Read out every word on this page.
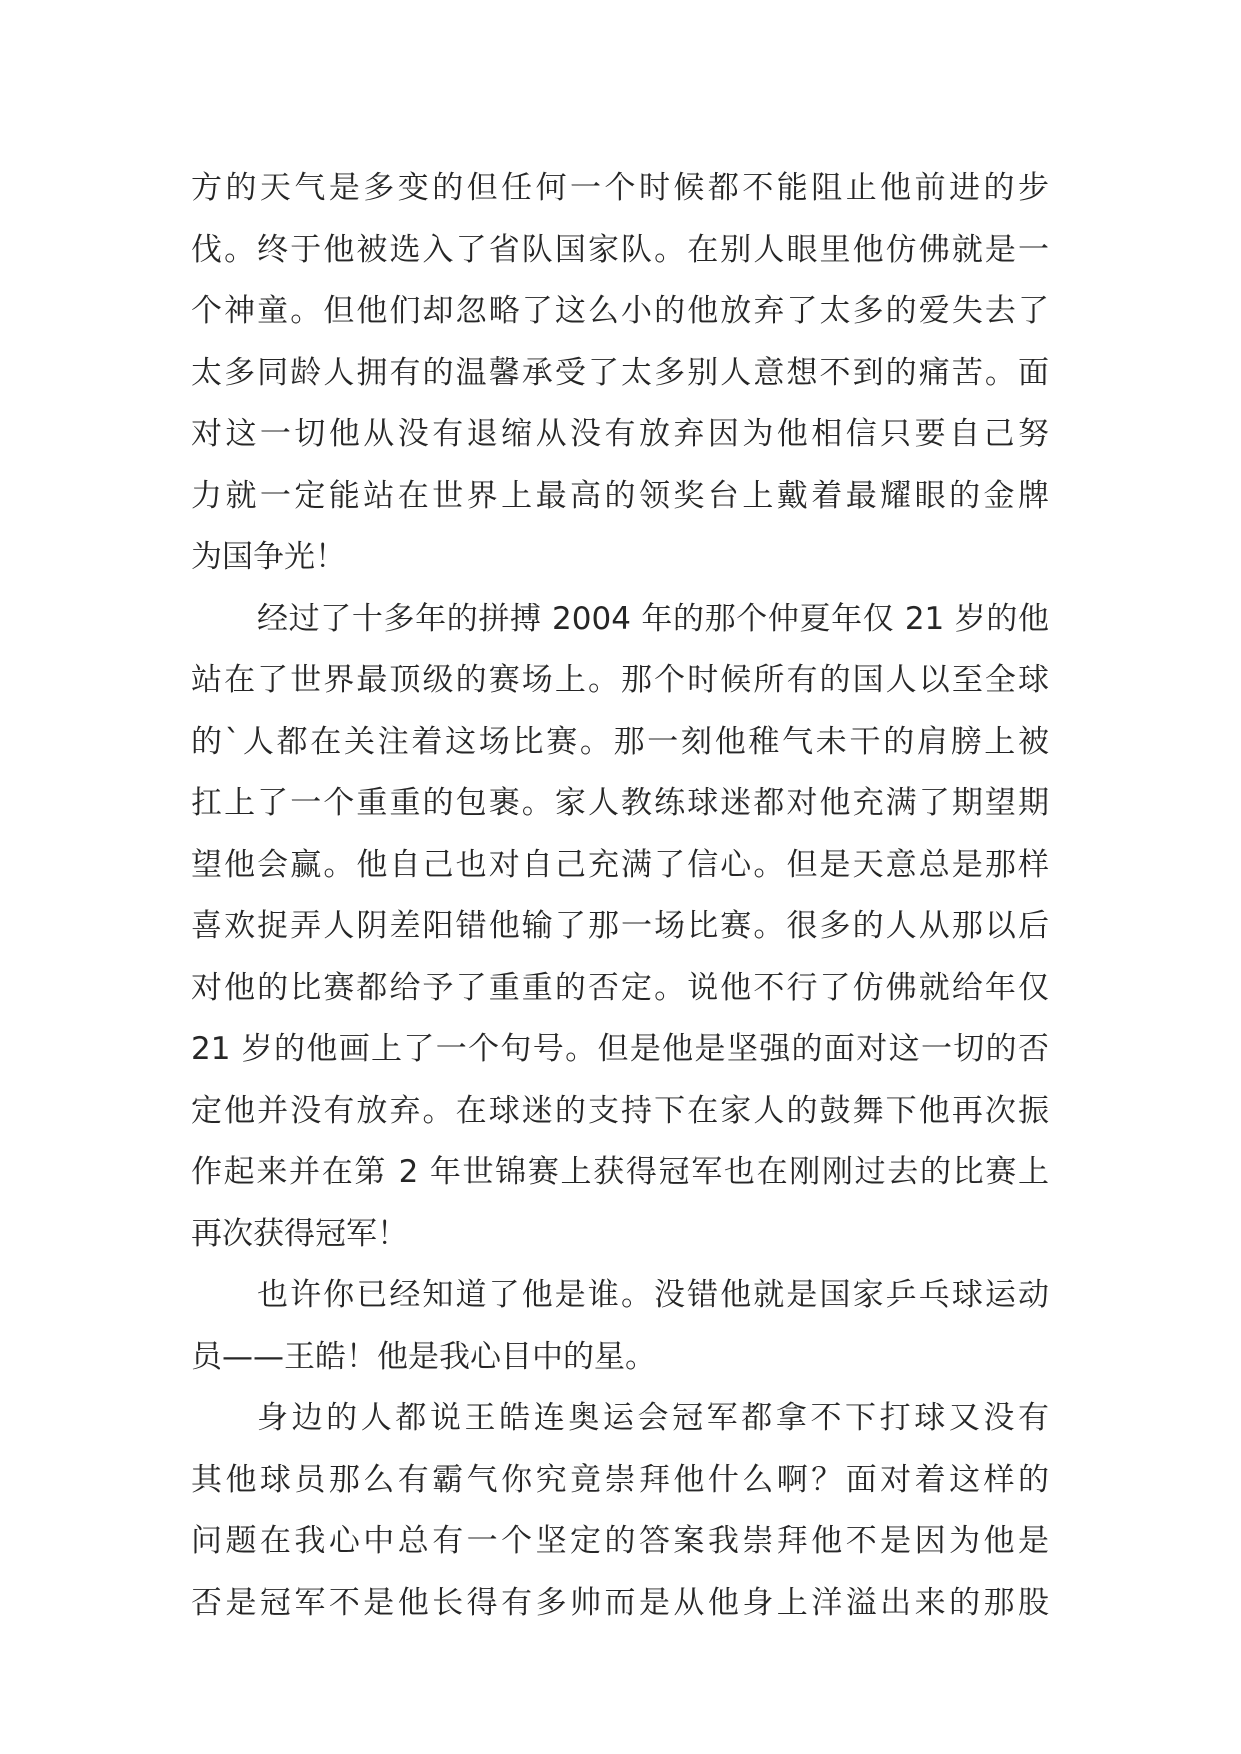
方的天气是多变的但任何一个时候都不能阻止他前进的步
伐。终于他被选入了省队国家队。在别人眼里他仿佛就是一
个神童。但他们却忽略了这么小的他放弃了太多的爱失去了
太多同龄人拥有的温馨承受了太多别人意想不到的痛苦。面
对这一切他从没有退缩从没有放弃因为他相信只要自己努
力就一定能站在世界上最高的领奖台上戴着最耀眼的金牌
为国争光！
经过了十多年的拼搏 2004 年的那个仲夏年仅 21 岁的他
站在了世界最顶级的赛场上。那个时候所有的国人以至全球
的`人都在关注着这场比赛。那一刻他稚气未干的肩膀上被
扛上了一个重重的包裹。家人教练球迷都对他充满了期望期
望他会赢。他自己也对自己充满了信心。但是天意总是那样
喜欢捉弄人阴差阳错他输了那一场比赛。很多的人从那以后
对他的比赛都给予了重重的否定。说他不行了仿佛就给年仅
21 岁的他画上了一个句号。但是他是坚强的面对这一切的否
定他并没有放弃。在球迷的支持下在家人的鼓舞下他再次振
作起来并在第 2 年世锦赛上获得冠军也在刚刚过去的比赛上
再次获得冠军！
也许你已经知道了他是谁。没错他就是国家乒乓球运动
员——王皓！他是我心目中的星。
身边的人都说王皓连奥运会冠军都拿不下打球又没有
其他球员那么有霸气你究竟崇拜他什么啊？面对着这样的
问题在我心中总有一个坚定的答案我崇拜他不是因为他是
否是冠军不是他长得有多帅而是从他身上洋溢出来的那股
